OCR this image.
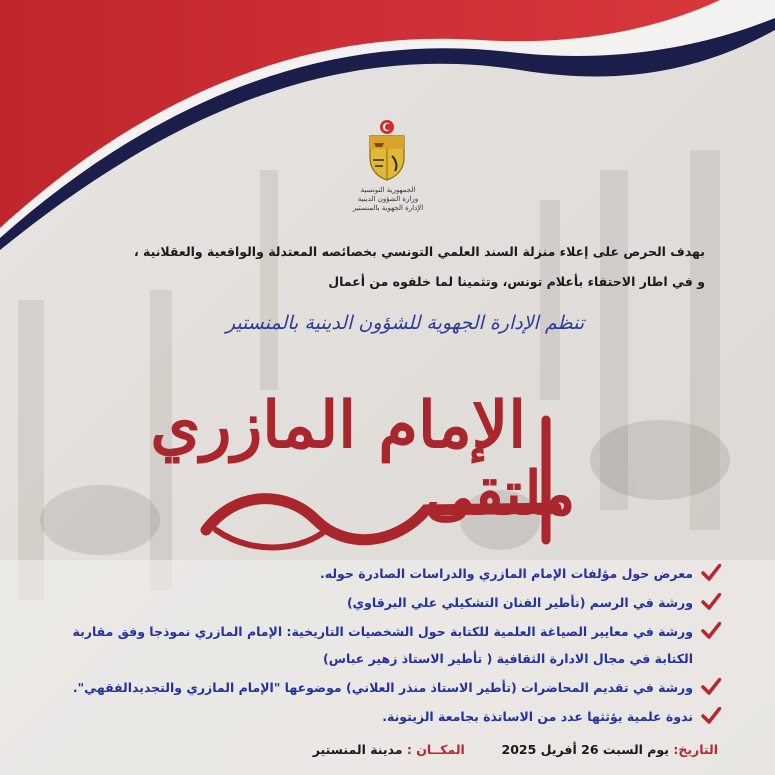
الجمهورية التونسية
وزارة الشؤون الدينية
الإدارة الجهوية بالمنستير
بهدف الحرص على إعلاء منزلة السند العلمي التونسي بخصائصه المعتدلة والواقعية والعقلانية ،
و في اطار الاحتفاء بأعلام تونس، وتثمينا لما خلفوه من أعمال
تنظم الإدارة الجهوية للشؤون الدينية بالمنستير
الإمام المازري
ملتقى
معرض حول مؤلفات الإمام المازري والدراسات الصادرة حوله.
ورشة في الرسم (تأطير الفنان التشكيلي علي البرقاوي)
ورشة في معايير الصياغة العلمية للكتابة حول الشخصيات التاريخية: الإمام المازري نموذجا وفق مقاربة
الكتابة في مجال الادارة الثقافية ( تأطير الاستاذ زهير عباس)
ورشة في تقديم المحاضرات (تأطير الاستاذ منذر العلاني) موضوعها "الإمام المازري والتجديدالفقهي".
ندوة علمية يؤثثها عدد من الاساتذة بجامعة الزيتونة.
التاريخ: يوم السبت 26 أفريل 2025  المكــان : مدينة المنستير
